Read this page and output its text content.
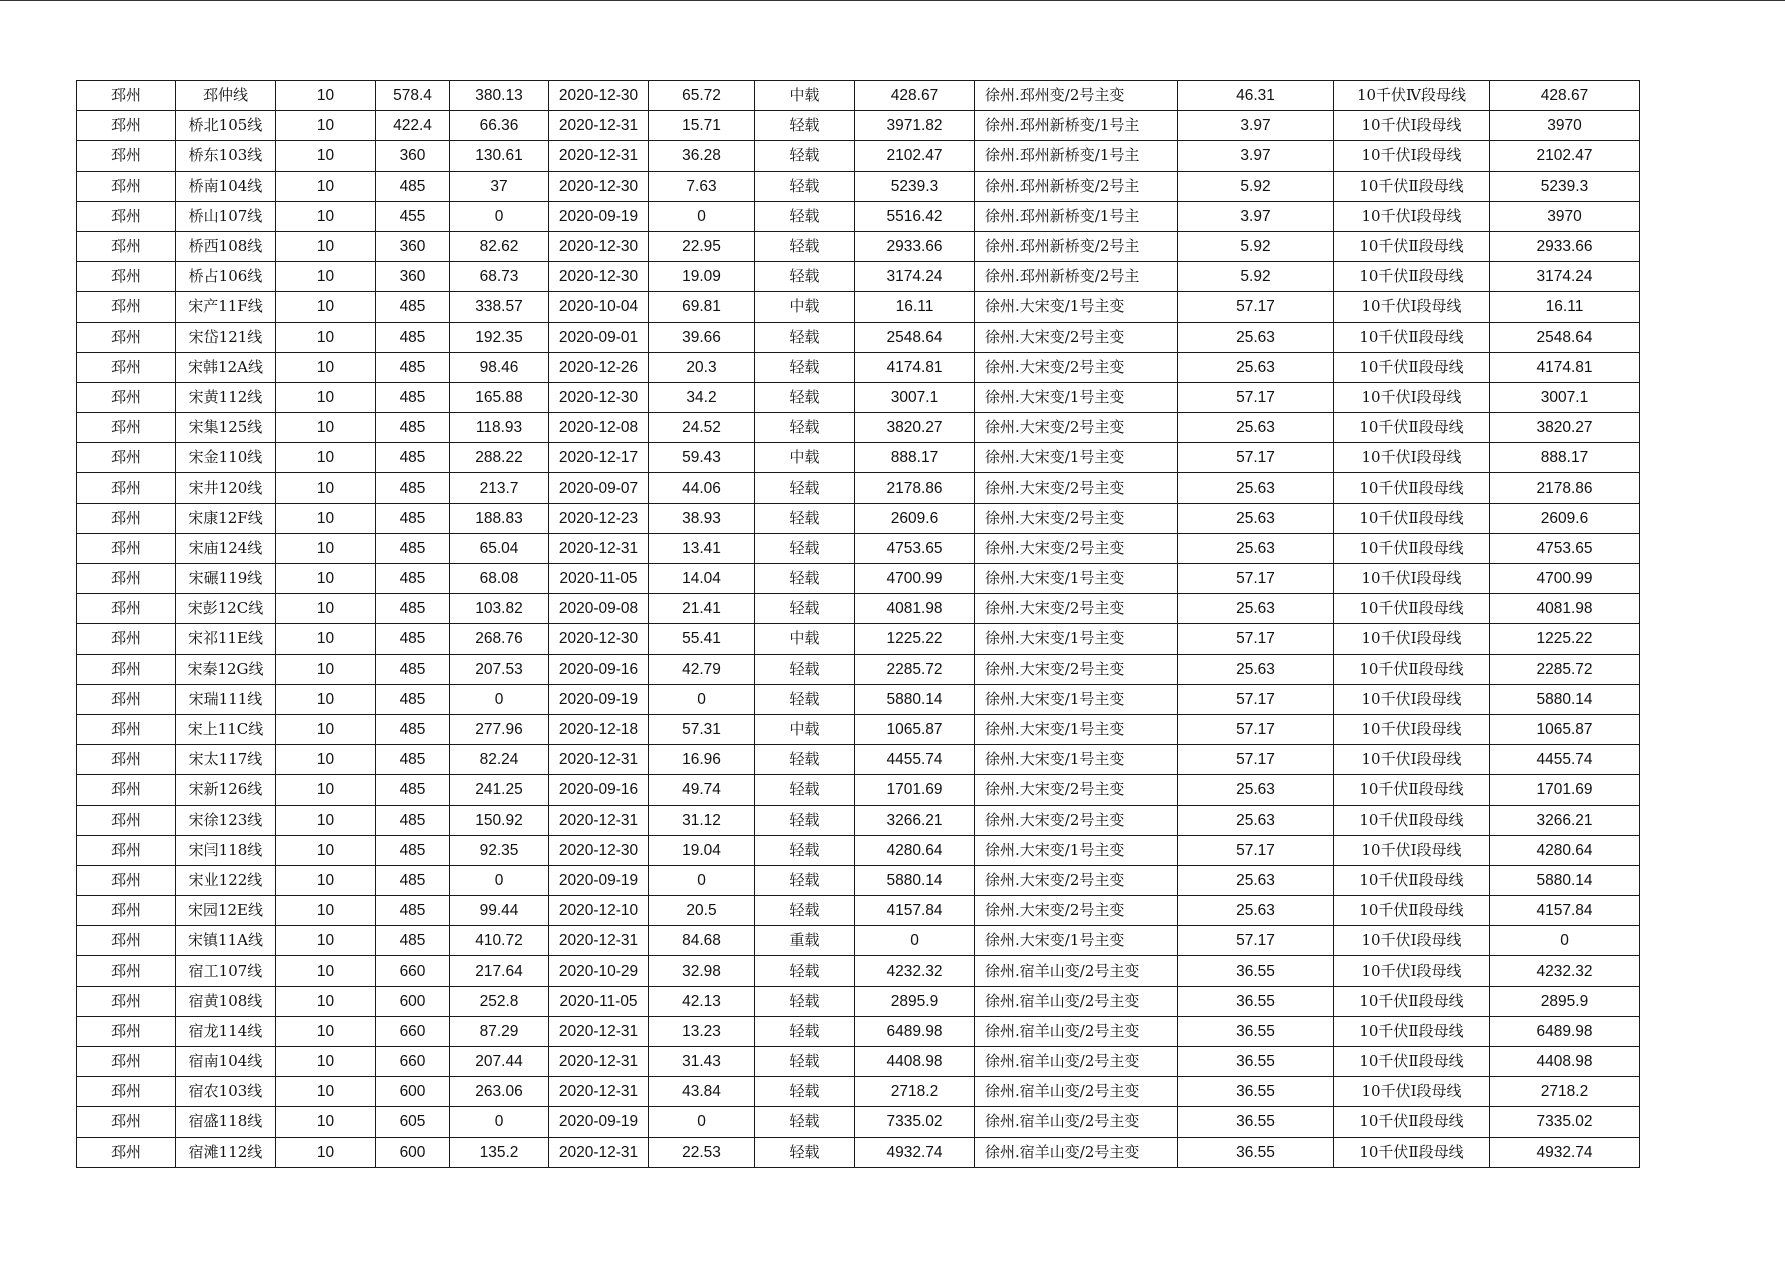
邳州	邳仲线	10	578.4	380.13	2020-12-30	65.72	中载	428.67	徐州.邳州变/2号主变	46.31	10千伏Ⅳ段母线	428.67
邳州	桥北105线	10	422.4	66.36	2020-12-31	15.71	轻载	3971.82	徐州.邳州新桥变/1号主	3.97	10千伏Ⅰ段母线	3970
邳州	桥东103线	10	360	130.61	2020-12-31	36.28	轻载	2102.47	徐州.邳州新桥变/1号主	3.97	10千伏Ⅰ段母线	2102.47
邳州	桥南104线	10	485	37	2020-12-30	7.63	轻载	5239.3	徐州.邳州新桥变/2号主	5.92	10千伏Ⅱ段母线	5239.3
邳州	桥山107线	10	455	0	2020-09-19	0	轻载	5516.42	徐州.邳州新桥变/1号主	3.97	10千伏Ⅰ段母线	3970
邳州	桥西108线	10	360	82.62	2020-12-30	22.95	轻载	2933.66	徐州.邳州新桥变/2号主	5.92	10千伏Ⅱ段母线	2933.66
邳州	桥占106线	10	360	68.73	2020-12-30	19.09	轻载	3174.24	徐州.邳州新桥变/2号主	5.92	10千伏Ⅱ段母线	3174.24
邳州	宋产11F线	10	485	338.57	2020-10-04	69.81	中载	16.11	徐州.大宋变/1号主变	57.17	10千伏Ⅰ段母线	16.11
邳州	宋岱121线	10	485	192.35	2020-09-01	39.66	轻载	2548.64	徐州.大宋变/2号主变	25.63	10千伏Ⅱ段母线	2548.64
邳州	宋韩12A线	10	485	98.46	2020-12-26	20.3	轻载	4174.81	徐州.大宋变/2号主变	25.63	10千伏Ⅱ段母线	4174.81
邳州	宋黄112线	10	485	165.88	2020-12-30	34.2	轻载	3007.1	徐州.大宋变/1号主变	57.17	10千伏Ⅰ段母线	3007.1
邳州	宋集125线	10	485	118.93	2020-12-08	24.52	轻载	3820.27	徐州.大宋变/2号主变	25.63	10千伏Ⅱ段母线	3820.27
邳州	宋金110线	10	485	288.22	2020-12-17	59.43	中载	888.17	徐州.大宋变/1号主变	57.17	10千伏Ⅰ段母线	888.17
邳州	宋井120线	10	485	213.7	2020-09-07	44.06	轻载	2178.86	徐州.大宋变/2号主变	25.63	10千伏Ⅱ段母线	2178.86
邳州	宋康12F线	10	485	188.83	2020-12-23	38.93	轻载	2609.6	徐州.大宋变/2号主变	25.63	10千伏Ⅱ段母线	2609.6
邳州	宋庙124线	10	485	65.04	2020-12-31	13.41	轻载	4753.65	徐州.大宋变/2号主变	25.63	10千伏Ⅱ段母线	4753.65
邳州	宋碾119线	10	485	68.08	2020-11-05	14.04	轻载	4700.99	徐州.大宋变/1号主变	57.17	10千伏Ⅰ段母线	4700.99
邳州	宋彭12C线	10	485	103.82	2020-09-08	21.41	轻载	4081.98	徐州.大宋变/2号主变	25.63	10千伏Ⅱ段母线	4081.98
邳州	宋祁11E线	10	485	268.76	2020-12-30	55.41	中载	1225.22	徐州.大宋变/1号主变	57.17	10千伏Ⅰ段母线	1225.22
邳州	宋秦12G线	10	485	207.53	2020-09-16	42.79	轻载	2285.72	徐州.大宋变/2号主变	25.63	10千伏Ⅱ段母线	2285.72
邳州	宋瑞111线	10	485	0	2020-09-19	0	轻载	5880.14	徐州.大宋变/1号主变	57.17	10千伏Ⅰ段母线	5880.14
邳州	宋上11C线	10	485	277.96	2020-12-18	57.31	中载	1065.87	徐州.大宋变/1号主变	57.17	10千伏Ⅰ段母线	1065.87
邳州	宋太117线	10	485	82.24	2020-12-31	16.96	轻载	4455.74	徐州.大宋变/1号主变	57.17	10千伏Ⅰ段母线	4455.74
邳州	宋新126线	10	485	241.25	2020-09-16	49.74	轻载	1701.69	徐州.大宋变/2号主变	25.63	10千伏Ⅱ段母线	1701.69
邳州	宋徐123线	10	485	150.92	2020-12-31	31.12	轻载	3266.21	徐州.大宋变/2号主变	25.63	10千伏Ⅱ段母线	3266.21
邳州	宋闫118线	10	485	92.35	2020-12-30	19.04	轻载	4280.64	徐州.大宋变/1号主变	57.17	10千伏Ⅰ段母线	4280.64
邳州	宋业122线	10	485	0	2020-09-19	0	轻载	5880.14	徐州.大宋变/2号主变	25.63	10千伏Ⅱ段母线	5880.14
邳州	宋园12E线	10	485	99.44	2020-12-10	20.5	轻载	4157.84	徐州.大宋变/2号主变	25.63	10千伏Ⅱ段母线	4157.84
邳州	宋镇11A线	10	485	410.72	2020-12-31	84.68	重载	0	徐州.大宋变/1号主变	57.17	10千伏Ⅰ段母线	0
邳州	宿工107线	10	660	217.64	2020-10-29	32.98	轻载	4232.32	徐州.宿羊山变/2号主变	36.55	10千伏Ⅰ段母线	4232.32
邳州	宿黄108线	10	600	252.8	2020-11-05	42.13	轻载	2895.9	徐州.宿羊山变/2号主变	36.55	10千伏Ⅱ段母线	2895.9
邳州	宿龙114线	10	660	87.29	2020-12-31	13.23	轻载	6489.98	徐州.宿羊山变/2号主变	36.55	10千伏Ⅱ段母线	6489.98
邳州	宿南104线	10	660	207.44	2020-12-31	31.43	轻载	4408.98	徐州.宿羊山变/2号主变	36.55	10千伏Ⅱ段母线	4408.98
邳州	宿农103线	10	600	263.06	2020-12-31	43.84	轻载	2718.2	徐州.宿羊山变/2号主变	36.55	10千伏Ⅰ段母线	2718.2
邳州	宿盛118线	10	605	0	2020-09-19	0	轻载	7335.02	徐州.宿羊山变/2号主变	36.55	10千伏Ⅱ段母线	7335.02
邳州	宿滩112线	10	600	135.2	2020-12-31	22.53	轻载	4932.74	徐州.宿羊山变/2号主变	36.55	10千伏Ⅱ段母线	4932.74
